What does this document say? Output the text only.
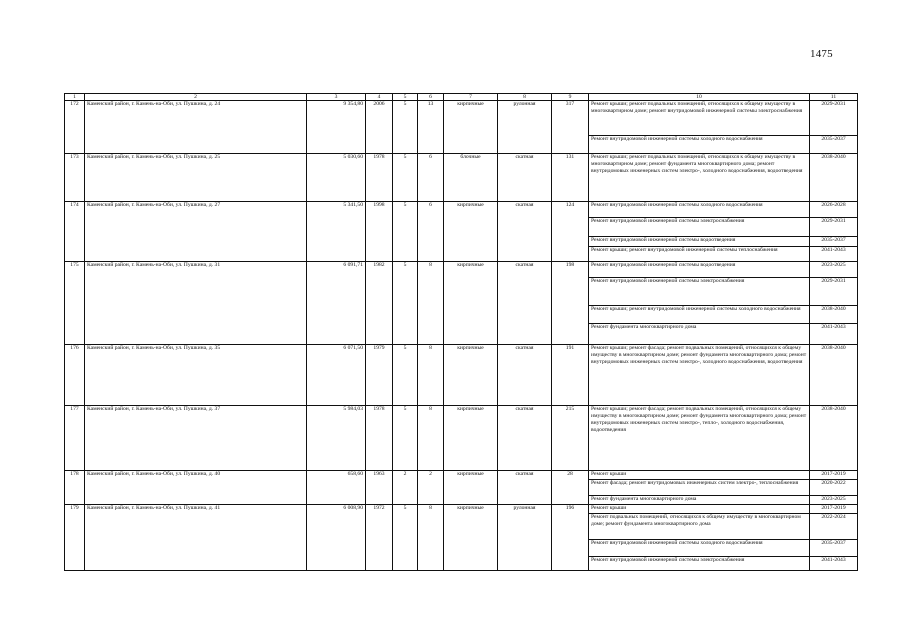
1475
1	2	3	4	5	6	7	8	9	10	11
172	Каменский район, г. Камень-на-Оби, ул. Пушкина, д. 24	9 354,80	2006	5	13	кирпичные	рулонная	317	Ремонт крыши; ремонт подвальных помещений, относящихся к общему имуществу в многоквартирном доме; ремонт внутридомовой инженерной системы электроснабжения	2029-2031
									Ремонт внутридомовой инженерной системы холодного водоснабжения	2035-2037
173	Каменский район, г. Камень-на-Оби, ул. Пушкина, д. 25	5 030,60	1978	5	6	блочные	скатная	131	Ремонт крыши; ремонт подвальных помещений, относящихся к общему имуществу в многоквартирном доме; ремонт фундамента многоквартирного дома; ремонт внутридомовых инженерных систем электро-, холодного водоснабжения, водоотведения	2038-2040
174	Каменский район, г. Камень-на-Оби, ул. Пушкина, д. 27	5 341,50	1998	5	6	кирпичные	скатная	124	Ремонт внутридомовой инженерной системы холодного водоснабжения	2026-2028
									Ремонт внутридомовой инженерной системы электроснабжения	2029-2031
									Ремонт внутридомовой инженерной системы водоотведения	2035-2037
									Ремонт крыши; ремонт внутридомовой инженерной системы теплоснабжения	2041-2043
175	Каменский район, г. Камень-на-Оби, ул. Пушкина, д. 31	6 091,71	1982	5	8	кирпичные	скатная	198	Ремонт внутридомовой инженерной системы водоотведения	2023-2025
									Ремонт внутридомовой инженерной системы электроснабжения	2029-2031
									Ремонт крыши; ремонт внутридомовой инженерной системы холодного водоснабжения	2038-2040
									Ремонт фундамента многоквартирного дома	2041-2043
176	Каменский район, г. Камень-на-Оби, ул. Пушкина, д. 35	6 071,50	1979	5	8	кирпичные	скатная	191	Ремонт крыши; ремонт фасада; ремонт подвальных помещений, относящихся к общему имуществу в многоквартирном доме; ремонт фундамента многоквартирного дома; ремонт внутридомовых инженерных систем электро-, холодного водоснабжения, водоотведения	2038-2040
177	Каменский район, г. Камень-на-Оби, ул. Пушкина, д. 37	5 984,03	1978	5	8	кирпичные	скатная	215	Ремонт крыши; ремонт фасада; ремонт подвальных помещений, относящихся к общему имуществу в многоквартирном доме; ремонт фундамента многоквартирного дома; ремонт внутридомовых инженерных систем электро-, тепло-, холодного водоснабжения, водоотведения	2038-2040
178	Каменский район, г. Камень-на-Оби, ул. Пушкина, д. 40	658,60	1963	2	2	кирпичные	скатная	28	Ремонт крыши	2017-2019
									Ремонт фасада; ремонт внутридомовых инженерных систем электро-, теплоснабжения	2020-2022
									Ремонт фундамента многоквартирного дома	2023-2025
179	Каменский район, г. Камень-на-Оби, ул. Пушкина, д. 41	6 008,90	1972	5	8	кирпичные	рулонная	196	Ремонт крыши	2017-2019
									Ремонт подвальных помещений, относящихся к общему имуществу в многоквартирном доме; ремонт фундамента многоквартирного дома	2022-2024
									Ремонт внутридомовой инженерной системы холодного водоснабжения	2035-2037
									Ремонт внутридомовой инженерной системы электроснабжения	2041-2043
